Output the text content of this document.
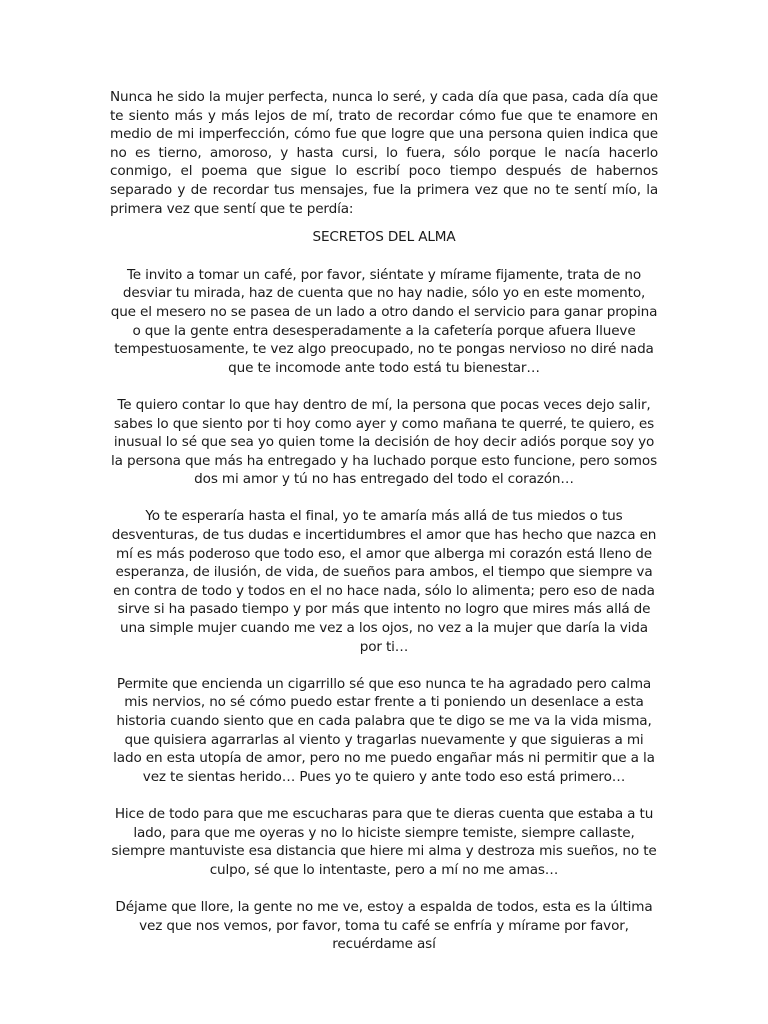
Nunca he sido la mujer perfecta, nunca lo seré, y cada día que pasa, cada día que te siento más y más lejos de mí, trato de recordar cómo fue que te enamore en medio de mi imperfección, cómo fue que logre que una persona quien indica que no es tierno, amoroso, y hasta cursi, lo fuera, sólo porque le nacía hacerlo conmigo, el poema que sigue lo escribí poco tiempo después de habernos separado y de recordar tus mensajes, fue la primera vez que no te sentí mío, la primera vez que sentí que te perdía:

SECRETOS DEL ALMA

Te invito a tomar un café, por favor, siéntate y mírame fijamente, trata de no desviar tu mirada, haz de cuenta que no hay nadie, sólo yo en este momento, que el mesero no se pasea de un lado a otro dando el servicio para ganar propina o que la gente entra desesperadamente a la cafetería porque afuera llueve tempestuosamente, te vez algo preocupado, no te pongas nervioso no diré nada que te incomode ante todo está tu bienestar…

Te quiero contar lo que hay dentro de mí, la persona que pocas veces dejo salir, sabes lo que siento por ti hoy como ayer y como mañana te querré, te quiero, es inusual lo sé que sea yo quien tome la decisión de hoy decir adiós porque soy yo la persona que más ha entregado y ha luchado porque esto funcione, pero somos dos mi amor y tú no has entregado del todo el corazón…

Yo te esperaría hasta el final, yo te amaría más allá de tus miedos o tus desventuras, de tus dudas e incertidumbres el amor que has hecho que nazca en mí es más poderoso que todo eso, el amor que alberga mi corazón está lleno de esperanza, de ilusión, de vida, de sueños para ambos, el tiempo que siempre va en contra de todo y todos en el no hace nada, sólo lo alimenta; pero eso de nada sirve si ha pasado tiempo y por más que intento no logro que mires más allá de una simple mujer cuando me vez a los ojos, no vez a la mujer que daría la vida por ti…

Permite que encienda un cigarrillo sé que eso nunca te ha agradado pero calma mis nervios, no sé cómo puedo estar frente a ti poniendo un desenlace a esta historia cuando siento que en cada palabra que te digo se me va la vida misma, que quisiera agarrarlas al viento y tragarlas nuevamente y que siguieras a mi lado en esta utopía de amor, pero no me puedo engañar más ni permitir que a la vez te sientas herido… Pues yo te quiero y ante todo eso está primero…

Hice de todo para que me escucharas para que te dieras cuenta que estaba a tu lado, para que me oyeras y no lo hiciste siempre temiste, siempre callaste, siempre mantuviste esa distancia que hiere mi alma y destroza mis sueños, no te culpo, sé que lo intentaste, pero a mí no me amas…

Déjame que llore, la gente no me ve, estoy a espalda de todos, esta es la última vez que nos vemos, por favor, toma tu café se enfría y mírame por favor, recuérdame así
